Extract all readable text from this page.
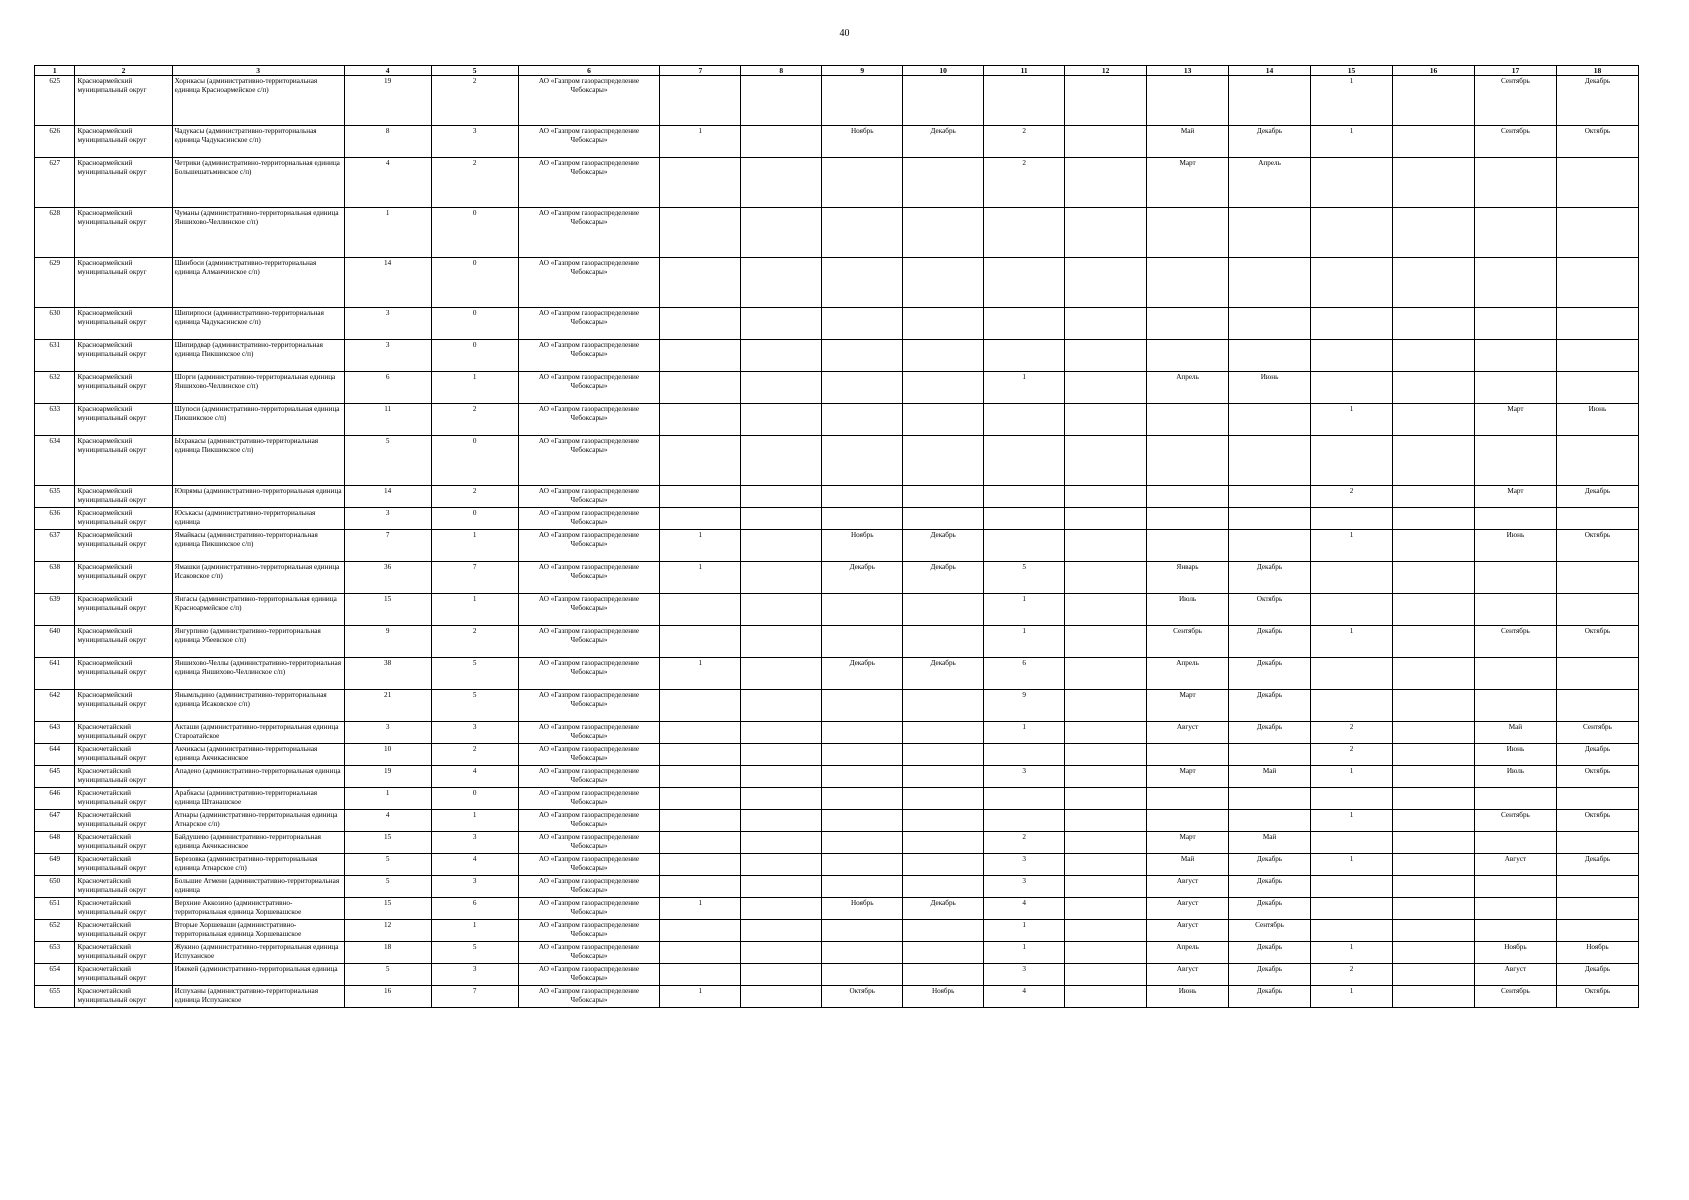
40
1	2	3	4	5	6	7	8	9	10	11	12	13	14	15	16	17	18
625	Красноармейский муниципальный округ	Хорнкасы (административно-территориальная единица Красноармейское с/п)	19	2	АО «Газпром газораспределение Чебоксары»									1		Сентябрь	Декабрь
626	Красноармейский муниципальный округ	Чадукасы (административно-территориальная единица Чадукасинское с/п)	8	3	АО «Газпром газораспределение Чебоксары»	1		Ноябрь	Декабрь	2		Май	Декабрь	1		Сентябрь	Октябрь
627	Красноармейский муниципальный округ	Четрики (административно-территориальная единица Большешатьминское с/п)	4	2	АО «Газпром газораспределение Чебоксары»					2		Март	Апрель				
628	Красноармейский муниципальный округ	Чуманы (административно-территориальная единица Яншихово-Челлинское с/п)	1	0	АО «Газпром газораспределение Чебоксары»												
629	Красноармейский муниципальный округ	Шинбоси (административно-территориальная единица Алманчинское с/п)	14	0	АО «Газпром газораспределение Чебоксары»												
630	Красноармейский муниципальный округ	Шипирпоси (административно-территориальная единица Чадукасинское с/п)	3	0	АО «Газпром газораспределение Чебоксары»												
631	Красноармейский муниципальный округ	Шипирдвар (административно-территориальная единица Пикшикское с/п)	3	0	АО «Газпром газораспределение Чебоксары»												
632	Красноармейский муниципальный округ	Шорги (административно-территориальная единица Яншихово-Челлинское с/п)	6	1	АО «Газпром газораспределение Чебоксары»					1		Апрель	Июнь				
633	Красноармейский муниципальный округ	Шупоси (административно-территориальная единица Пикшикское с/п)	11	2	АО «Газпром газораспределение Чебоксары»									1		Март	Июнь
634	Красноармейский муниципальный округ	Ыхракасы (административно-территориальная единица Пикшикское с/п)	5	0	АО «Газпром газораспределение Чебоксары»												
635	Красноармейский муниципальный округ	Юпрямы (административно-территориальная единица	14	2	АО «Газпром газораспределение Чебоксары»									2		Март	Декабрь
636	Красноармейский муниципальный округ	Юськасы (административно-территориальная единица	3	0	АО «Газпром газораспределение Чебоксары»												
637	Красноармейский муниципальный округ	Ямайкасы (административно-территориальная единица Пикшикское с/п)	7	1	АО «Газпром газораспределение Чебоксары»	1		Ноябрь	Декабрь					1		Июнь	Октябрь
638	Красноармейский муниципальный округ	Ямашки (административно-территориальная единица Исаковское с/п)	36	7	АО «Газпром газораспределение Чебоксары»	1		Декабрь	Декабрь	5		Январь	Декабрь				
639	Красноармейский муниципальный округ	Янгасы (административно-территориальная единица Красноармейское с/п)	15	1	АО «Газпром газораспределение Чебоксары»					1		Июль	Октябрь				
640	Красноармейский муниципальный округ	Янгурпино (административно-территориальная единица Убеевское с/п)	9	2	АО «Газпром газораспределение Чебоксары»					1		Сентябрь	Декабрь	1		Сентябрь	Октябрь
641	Красноармейский муниципальный округ	Яншихово-Челлы (административно-территориальная единица Яншихово-Челлинское с/п)	38	5	АО «Газпром газораспределение Чебоксары»	1		Декабрь	Декабрь	6		Апрель	Декабрь				
642	Красноармейский муниципальный округ	Янымльдино (административно-территориальная единица Исаковское с/п)	21	5	АО «Газпром газораспределение Чебоксары»					9		Март	Декабрь				
643	Красночетайский муниципальный округ	Акташи (административно-территориальная единица Староатайское	3	3	АО «Газпром газораспределение Чебоксары»					1		Август	Декабрь	2		Май	Сентябрь
644	Красночетайский муниципальный округ	Акчикасы (административно-территориальная единица Акчикасинское	10	2	АО «Газпром газораспределение Чебоксары»									2		Июнь	Декабрь
645	Красночетайский муниципальный округ	Ападено (административно-территориальная единица	19	4	АО «Газпром газораспределение Чебоксары»					3		Март	Май	1		Июль	Октябрь
646	Красночетайский муниципальный округ	Арабкасы (административно-территориальная единица Штанашское	1	0	АО «Газпром газораспределение Чебоксары»												
647	Красночетайский муниципальный округ	Атнары (административно-территориальная единица Атнарское с/п)	4	1	АО «Газпром газораспределение Чебоксары»									1		Сентябрь	Октябрь
648	Красночетайский муниципальный округ	Байдушево (административно-территориальная единица Акчикасинское	15	3	АО «Газпром газораспределение Чебоксары»					2		Март	Май				
649	Красночетайский муниципальный округ	Березовка (административно-территориальная единица Атнарское с/п)	5	4	АО «Газпром газораспределение Чебоксары»					3		Май	Декабрь	1		Август	Декабрь
650	Красночетайский муниципальный округ	Большие Атмени (административно-территориальная единица	5	3	АО «Газпром газораспределение Чебоксары»					3		Август	Декабрь				
651	Красночетайский муниципальный округ	Верхние Аккозино (административно-территориальная единица Хоршевашское	15	6	АО «Газпром газораспределение Чебоксары»	1		Ноябрь	Декабрь	4		Август	Декабрь				
652	Красночетайский муниципальный округ	Вторые Хоршеваши (административно-территориальная единица Хоршевашское	12	1	АО «Газпром газораспределение Чебоксары»					1		Август	Сентябрь				
653	Красночетайский муниципальный округ	Жукино (административно-территориальная единица Испуханское	18	5	АО «Газпром газораспределение Чебоксары»					1		Апрель	Декабрь	1		Ноябрь	Ноябрь
654	Красночетайский муниципальный округ	Ижекей (административно-территориальная единица	5	3	АО «Газпром газораспределение Чебоксары»					3		Август	Декабрь	2		Август	Декабрь
655	Красночетайский муниципальный округ	Испуханы (административно-территориальная единица Испуханское	16	7	АО «Газпром газораспределение Чебоксары»	1		Октябрь	Ноябрь	4		Июнь	Декабрь	1		Сентябрь	Октябрь
